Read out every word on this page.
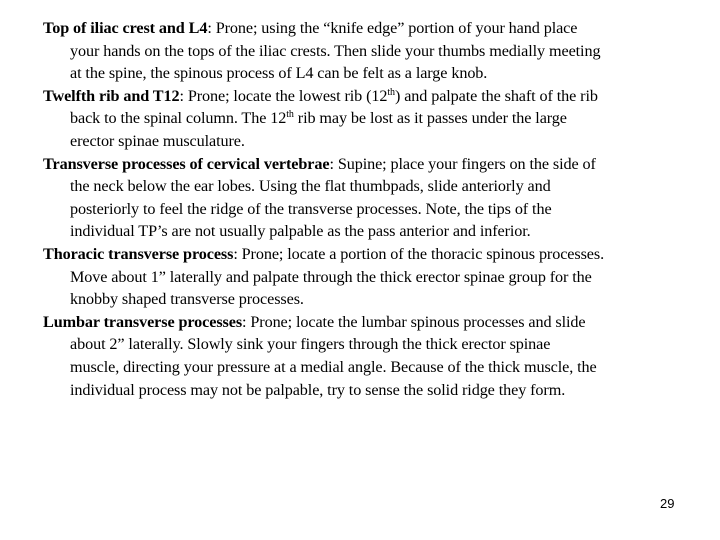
Top of iliac crest and L4: Prone; using the “knife edge” portion of your hand place
your hands on the tops of the iliac crests. Then slide your thumbs medially meeting
at the spine, the spinous process of L4 can be felt as a large knob.

Twelfth rib and T12: Prone; locate the lowest rib (12th) and palpate the shaft of the rib
back to the spinal column. The 12th rib may be lost as it passes under the large
erector spinae musculature.

Transverse processes of cervical vertebrae: Supine; place your fingers on the side of
the neck below the ear lobes. Using the flat thumbpads, slide anteriorly and
posteriorly to feel the ridge of the transverse processes. Note, the tips of the
individual TP’s are not usually palpable as the pass anterior and inferior.

Thoracic transverse process: Prone; locate a portion of the thoracic spinous processes.
Move about 1” laterally and palpate through the thick erector spinae group for the
knobby shaped transverse processes.

Lumbar transverse processes: Prone; locate the lumbar spinous processes and slide
about 2” laterally. Slowly sink your fingers through the thick erector spinae
muscle, directing your pressure at a medial angle. Because of the thick muscle, the
individual process may not be palpable, try to sense the solid ridge they form.

29
